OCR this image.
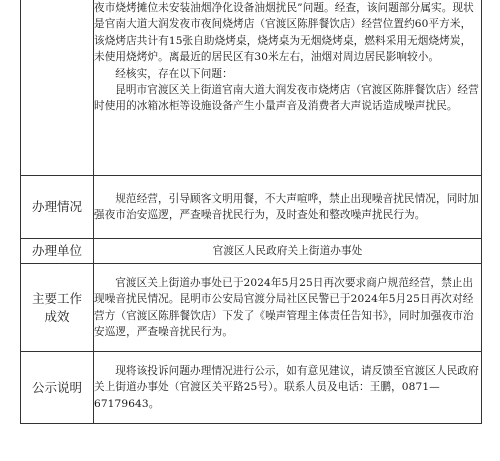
	夜市烧烤摊位未安装油烟净化设备油烟扰民”问题。经查，该问题部分属实。现状是官南大道大润发夜市夜间烧烤店（官渡区陈胖餐饮店）经营位置约60平方米，该烧烤店共计有15张自助烧烤桌，烧烤桌为无烟烧烤桌，燃料采用无烟烧烤炭，未使用烧烤炉。离最近的居民区有30米左右，油烟对周边居民影响较小。

经核实，存在以下问题：

昆明市官渡区关上街道官南大道大润发夜市烧烤店（官渡区陈胖餐饮店）经营时使用的冰箱冰柜等设施设备产生小量声音及消费者大声说话造成噪声扰民。

办理情况	规范经营，引导顾客文明用餐，不大声喧哗，禁止出现噪音扰民情况，同时加强夜市治安巡逻，严查噪音扰民行为，及时查处和整改噪声扰民行为。

办理单位	官渡区人民政府关上街道办事处

主要工作
成效	官渡区关上街道办事处已于2024年5月25日再次要求商户规范经营，禁止出现噪音扰民情况。昆明市公安局官渡分局社区民警已于2024年5月25日再次对经营方（官渡区陈胖餐饮店）下发了《噪声管理主体责任告知书》，同时加强夜市治安巡逻，严查噪音扰民行为。

公示说明	现将该投诉问题办理情况进行公示，如有意见建议，请反馈至官渡区人民政府关上街道办事处（官渡区关平路25号）。联系人员及电话：王鹏，0871—67179643。
